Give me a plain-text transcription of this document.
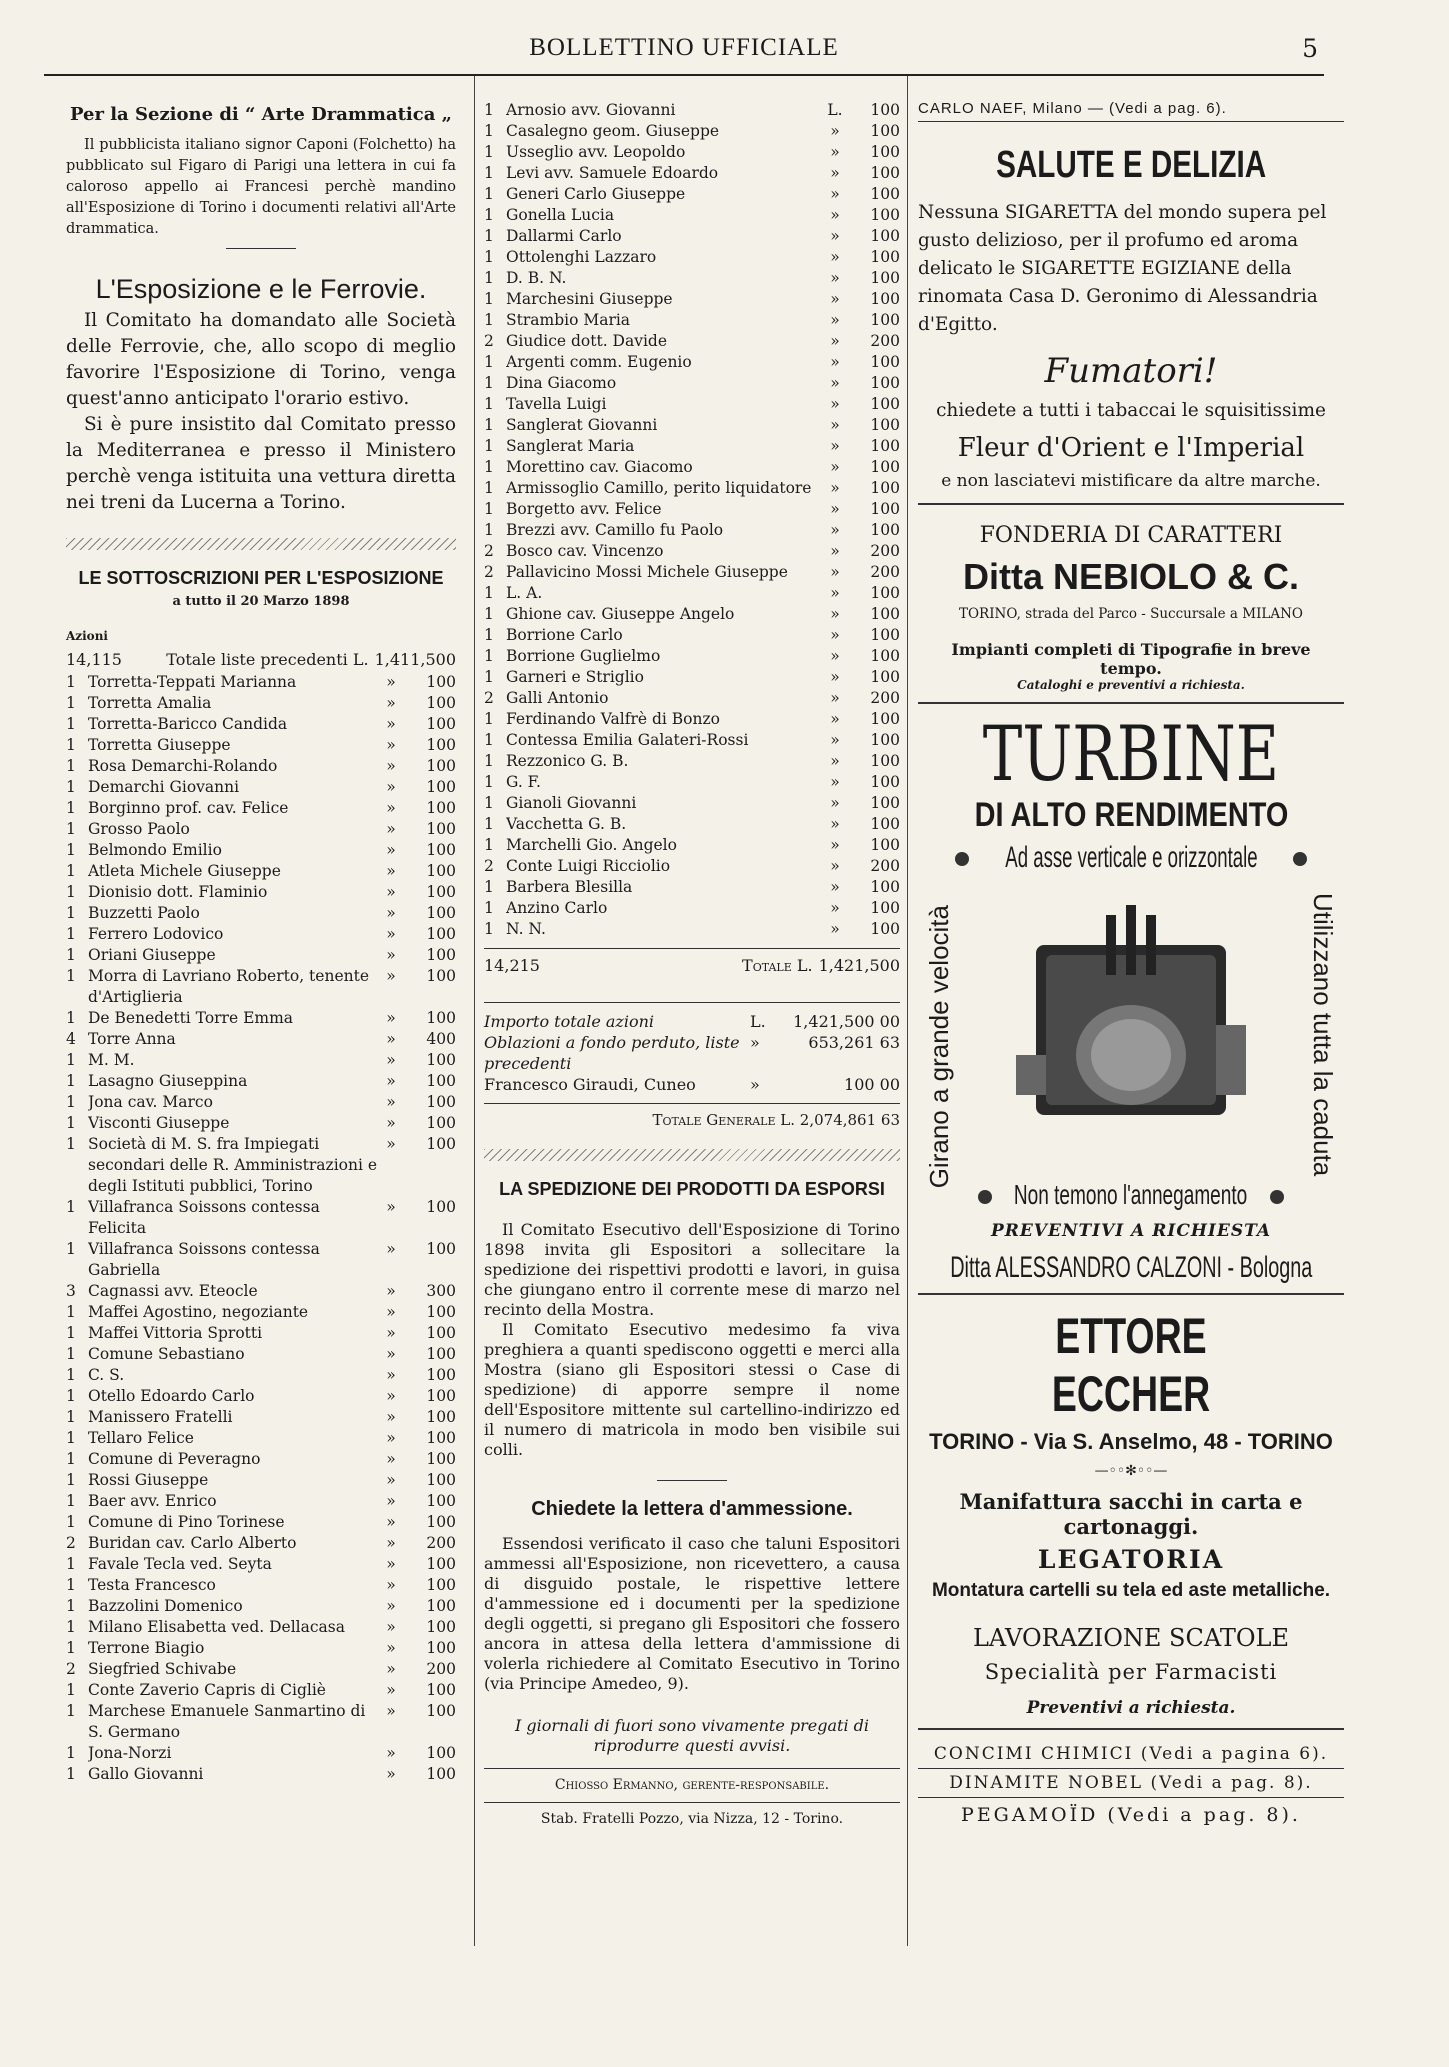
BOLLETTINO UFFICIALE	5
Per la Sezione di “ Arte Drammatica „

Il pubblicista italiano signor Caponi (Folchetto) ha pubblicato sul Figaro di Parigi una lettera in cui fa caloroso appello ai Francesi perchè mandino all'Esposizione di Torino i documenti relativi all'Arte drammatica.

L'Esposizione e le Ferrovie.

Il Comitato ha domandato alle Società delle Ferrovie, che, allo scopo di meglio favorire l'Esposizione di Torino, venga quest'anno anticipato l'orario estivo.

Si è pure insistito dal Comitato presso la Mediterranea e presso il Ministero perchè venga istituita una vettura diretta nei treni da Lucerna a Torino.

LE SOTTOSCRIZIONI PER L'ESPOSIZIONE
a tutto il 20 Marzo 1898
Azioni
14,115	Totale liste precedenti L. 1,411,500
1 Torretta-Teppati Marianna	»	100
1 Torretta Amalia	»	100
1 Torretta-Baricco Candida	»	100
1 Torretta Giuseppe	»	100
1 Rosa Demarchi-Rolando	»	100
1 Demarchi Giovanni	»	100
1 Borginno prof. cav. Felice	»	100
1 Grosso Paolo	»	100
1 Belmondo Emilio	»	100
1 Atleta Michele Giuseppe	»	100
1 Dionisio dott. Flaminio	»	100
1 Buzzetti Paolo	»	100
1 Ferrero Lodovico	»	100
1 Oriani Giuseppe	»	100
1 Morra di Lavriano Roberto, tenente d'Artiglieria
»	100
1 De Benedetti Torre Emma	»	100
4 Torre Anna	»	400
1 M. M.	»	100
1 Lasagno Giuseppina	»	100
1 Jona cav. Marco	»	100
1 Visconti Giuseppe	»	100
1 Società di M. S. fra Impiegati secondari delle R. Amministrazioni e degli Istituti pubblici, Torino
»	100
1 Villafranca Soissons contessa Felicita
»	100
1 Villafranca Soissons contessa Gabriella
»	100
3 Cagnassi avv. Eteocle	»	300
1 Maffei Agostino, negoziante	»	100
1 Maffei Vittoria Sprotti	»	100
1 Comune Sebastiano	»	100
1 C. S.	»	100
1 Otello Edoardo Carlo	»	100
1 Manissero Fratelli	»	100
1 Tellaro Felice	»	100
1 Comune di Peveragno	»	100
1 Rossi Giuseppe	»	100
1 Baer avv. Enrico	»	100
1 Comune di Pino Torinese	»	100
2 Buridan cav. Carlo Alberto	»	200
1 Favale Tecla ved. Seyta	»	100
1 Testa Francesco	»	100
1 Bazzolini Domenico	»	100
1 Milano Elisabetta ved. Dellacasa	»	100
1 Terrone Biagio	»	100
2 Siegfried Schivabe	»	200
1 Conte Zaverio Capris di Cigliè	»	100
1 Marchese Emanuele Sanmartino di S. Germano
»	100
1 Jona-Norzi	»	100
1 Gallo Giovanni	»	100
1 Arnosio avv. Giovanni	L.	100
1 Casalegno geom. Giuseppe	»	100
1 Usseglio avv. Leopoldo	»	100
1 Levi avv. Samuele Edoardo	»	100
1 Generi Carlo Giuseppe	»	100
1 Gonella Lucia	»	100
1 Dallarmi Carlo	»	100
1 Ottolenghi Lazzaro	»	100
1 D. B. N.	»	100
1 Marchesini Giuseppe	»	100
1 Strambio Maria	»	100
2 Giudice dott. Davide	»	200
1 Argenti comm. Eugenio	»	100
1 Dina Giacomo	»	100
1 Tavella Luigi	»	100
1 Sanglerat Giovanni	»	100
1 Sanglerat Maria	»	100
1 Morettino cav. Giacomo	»	100
1 Armissoglio Camillo, perito liquidatore	»	100
1 Borgetto avv. Felice	»	100
1 Brezzi avv. Camillo fu Paolo	»	100
2 Bosco cav. Vincenzo	»	200
2 Pallavicino Mossi Michele Giuseppe	»	200
1 L. A.	»	100
1 Ghione cav. Giuseppe Angelo	»	100
1 Borrione Carlo	»	100
1 Borrione Guglielmo	»	100
1 Garneri e Striglio	»	100
2 Galli Antonio	»	200
1 Ferdinando Valfrè di Bonzo	»	100
1 Contessa Emilia Galateri-Rossi	»	100
1 Rezzonico G. B.	»	100
1 G. F.	»	100
1 Gianoli Giovanni	»	100
1 Vacchetta G. B.	»	100
1 Marchelli Gio. Angelo	»	100
2 Conte Luigi Ricciolio	»	200
1 Barbera Blesilla	»	100
1 Anzino Carlo	»	100
1 N. N.	»	100
14,215	Totale L. 1,421,500
Importo totale azioni	L.	1,421,500 00
Oblazioni a fondo perduto, liste precedenti
»	653,261 63
Francesco Giraudi, Cuneo	»	100 00
Totale Generale L. 2,074,861 63
LA SPEDIZIONE DEI PRODOTTI DA ESPORSI

Il Comitato Esecutivo dell'Esposizione di Torino 1898 invita gli Espositori a sollecitare la spedizione dei rispettivi prodotti e lavori, in guisa che giungano entro il corrente mese di marzo nel recinto della Mostra.

Il Comitato Esecutivo medesimo fa viva preghiera a quanti spediscono oggetti e merci alla Mostra (siano gli Espositori stessi o Case di spedizione) di apporre sempre il nome dell'Espositore mittente sul cartellino-indirizzo ed il numero di matricola in modo ben visibile sui colli.

Chiedete la lettera d'ammessione.

Essendosi verificato il caso che taluni Espositori ammessi all'Esposizione, non ricevettero, a causa di disguido postale, le rispettive lettere d'ammessione ed i documenti per la spedizione degli oggetti, si pregano gli Espositori che fossero ancora in attesa della lettera d'ammissione di volerla richiedere al Comitato Esecutivo in Torino (via Principe Amedeo, 9).

I giornali di fuori sono vivamente pregati di riprodurre questi avvisi.
Chiosso Ermanno, gerente-responsabile.
Stab. Fratelli Pozzo, via Nizza, 12 - Torino.
CARLO NAEF, Milano — (Vedi a pag. 6).
SALUTE E DELIZIA

Nessuna SIGARETTA del mondo supera pel gusto delizioso, per il profumo ed aroma delicato le SIGARETTE EGIZIANE della rinomata Casa D. Geronimo di Alessandria d'Egitto.

Fumatori!
chiedete a tutti i tabaccai le squisitissime
Fleur d'Orient e l'Imperial
e non lasciatevi mistificare da altre marche.
FONDERIA DI CARATTERI
Ditta NEBIOLO & C.
TORINO, strada del Parco - Succursale a MILANO
Impianti completi di Tipografie in breve tempo.
Cataloghi e preventivi a richiesta.
TURBINE
DI ALTO RENDIMENTO
Ad asse verticale e orizzontale
Girano a grande velocità	Utilizzano tutta la caduta
Non temono l'annegamento
PREVENTIVI A RICHIESTA
Ditta ALESSANDRO CALZONI - Bologna
ETTORE ECCHER
TORINO - Via S. Anselmo, 48 - TORINO
—◦◦✻◦◦—
Manifattura sacchi in carta e cartonaggi.
LEGATORIA
Montatura cartelli su tela ed aste metalliche.
LAVORAZIONE SCATOLE
Specialità per Farmacisti
Preventivi a richiesta.
CONCIMI CHIMICI (Vedi a pagina 6).
DINAMITE NOBEL (Vedi a pag. 8).
PEGAMOÏD (Vedi a pag. 8).
